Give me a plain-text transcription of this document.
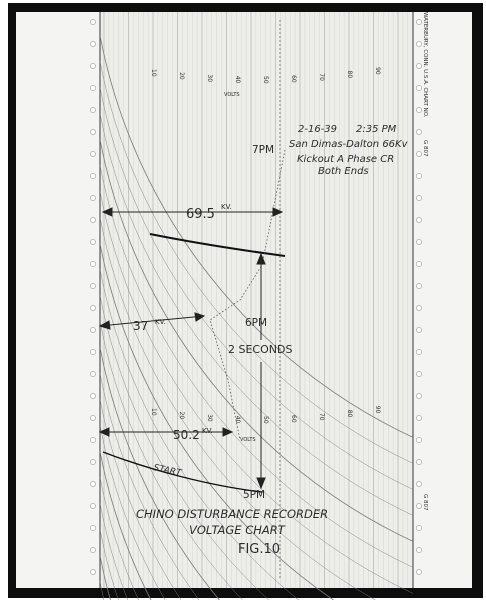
10	20	30	40	50	60	70	80	90
10	20	30	40	50	60	70	80
90
VOLTS
VOLTS
WATERBURY, CONN. U.S.A. CHART NO.
G 807
G 807
2-16-39 2:35 PM
San Dimas-Dalton 66Kv
Kickout A Phase CR
Both Ends
7PM
6PM
5PM
69.5 KV.
37 KV.
50.2 KV.
2 SECONDS
START
CHINO DISTURBANCE RECORDER
VOLTAGE CHART
FIG.10
